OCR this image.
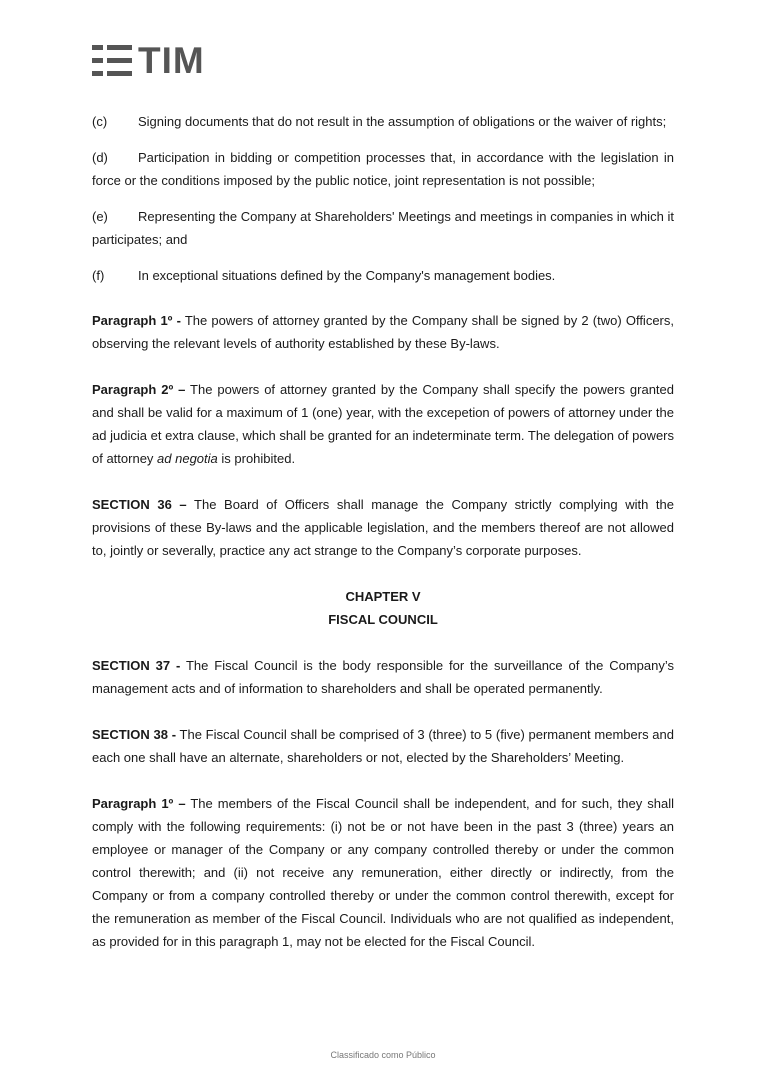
TIM

(c) Signing documents that do not result in the assumption of obligations or the waiver of rights;

(d) Participation in bidding or competition processes that, in accordance with the legislation in force or the conditions imposed by the public notice, joint representation is not possible;

(e) Representing the Company at Shareholders' Meetings and meetings in companies in which it participates; and

(f)	In exceptional situations defined by the Company's management bodies.

Paragraph 1º - The powers of attorney granted by the Company shall be signed by 2 (two) Officers, observing the relevant levels of authority established by these By-laws.

Paragraph 2º – The powers of attorney granted by the Company shall specify the powers granted and shall be valid for a maximum of 1 (one) year, with the excepetion of powers of attorney under the ad judicia et extra clause, which shall be granted for an indeterminate term. The delegation of powers of attorney ad negotia is prohibited.

SECTION 36 – The Board of Officers shall manage the Company strictly complying with the provisions of these By-laws and the applicable legislation, and the members thereof are not allowed to, jointly or severally, practice any act strange to the Company’s corporate purposes.

CHAPTER V

FISCAL COUNCIL

SECTION 37 - The Fiscal Council is the body responsible for the surveillance of the Company’s management acts and of information to shareholders and shall be operated permanently.

SECTION 38 - The Fiscal Council shall be comprised of 3 (three) to 5 (five) permanent members and each one shall have an alternate, shareholders or not, elected by the Shareholders’ Meeting.

Paragraph 1º – The members of the Fiscal Council shall be independent, and for such, they shall comply with the following requirements: (i) not be or not have been in the past 3 (three) years an employee or manager of the Company or any company controlled thereby or under the common control therewith; and (ii) not receive any remuneration, either directly or indirectly, from the Company or from a company controlled thereby or under the common control therewith, except for the remuneration as member of the Fiscal Council. Individuals who are not qualified as independent, as provided for in this paragraph 1, may not be elected for the Fiscal Council.

Classificado como Público
